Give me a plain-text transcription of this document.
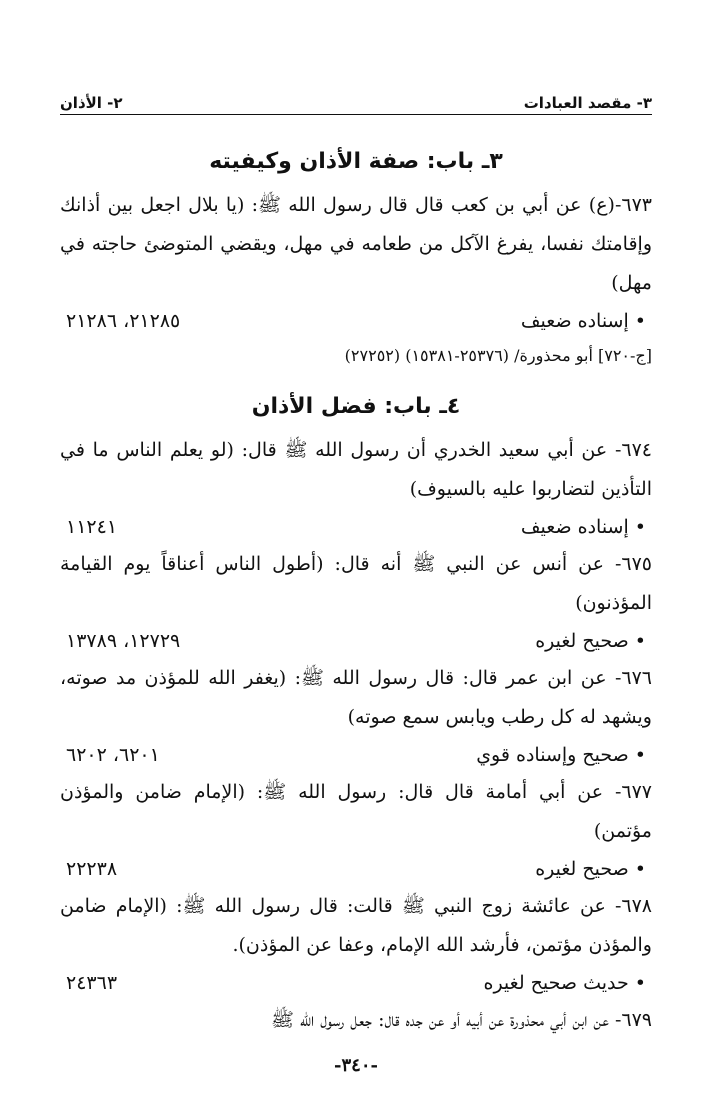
٣- مقصد العبادات
٢- الأذان
٣ـ باب: صفة الأذان وكيفيته

٦٧٣-(ع) عن أبي بن كعب قال قال رسول الله ﷺ: (يا بلال اجعل بين أذانك وإقامتك نفسا، يفرغ الآكل من طعامه في مهل، ويقضي المتوضئ حاجته في مهل)

• إسناده ضعيف
٢١٢٨٥، ٢١٢٨٦
[ج-٧٢٠] أبو محذورة/ (٢٥٣٧٦-١٥٣٨١) (٢٧٢٥٢)
٤ـ باب: فضل الأذان

٦٧٤- عن أبي سعيد الخدري أن رسول الله ﷺ قال: (لو يعلم الناس ما في التأذين لتضاربوا عليه بالسيوف)

• إسناده ضعيف
١١٢٤١

٦٧٥- عن أنس عن النبي ﷺ أنه قال: (أطول الناس أعناقاً يوم القيامة المؤذنون)

• صحيح لغيره
١٢٧٢٩، ١٣٧٨٩

٦٧٦- عن ابن عمر قال: قال رسول الله ﷺ: (يغفر الله للمؤذن مد صوته، ويشهد له كل رطب ويابس سمع صوته)

• صحيح وإسناده قوي
٦٢٠١، ٦٢٠٢

٦٧٧- عن أبي أمامة قال قال: رسول الله ﷺ: (الإمام ضامن والمؤذن مؤتمن)

• صحيح لغيره
٢٢٢٣٨

٦٧٨- عن عائشة زوج النبي ﷺ قالت: قال رسول الله ﷺ: (الإمام ضامن والمؤذن مؤتمن، فأرشد الله الإمام، وعفا عن المؤذن).

• حديث صحيح لغيره
٢٤٣٦٣

٦٧٩- عن ابن أبي محذورة عن أبيه أو عن جده قال: جعل رسول الله ﷺ

-٣٤٠-
